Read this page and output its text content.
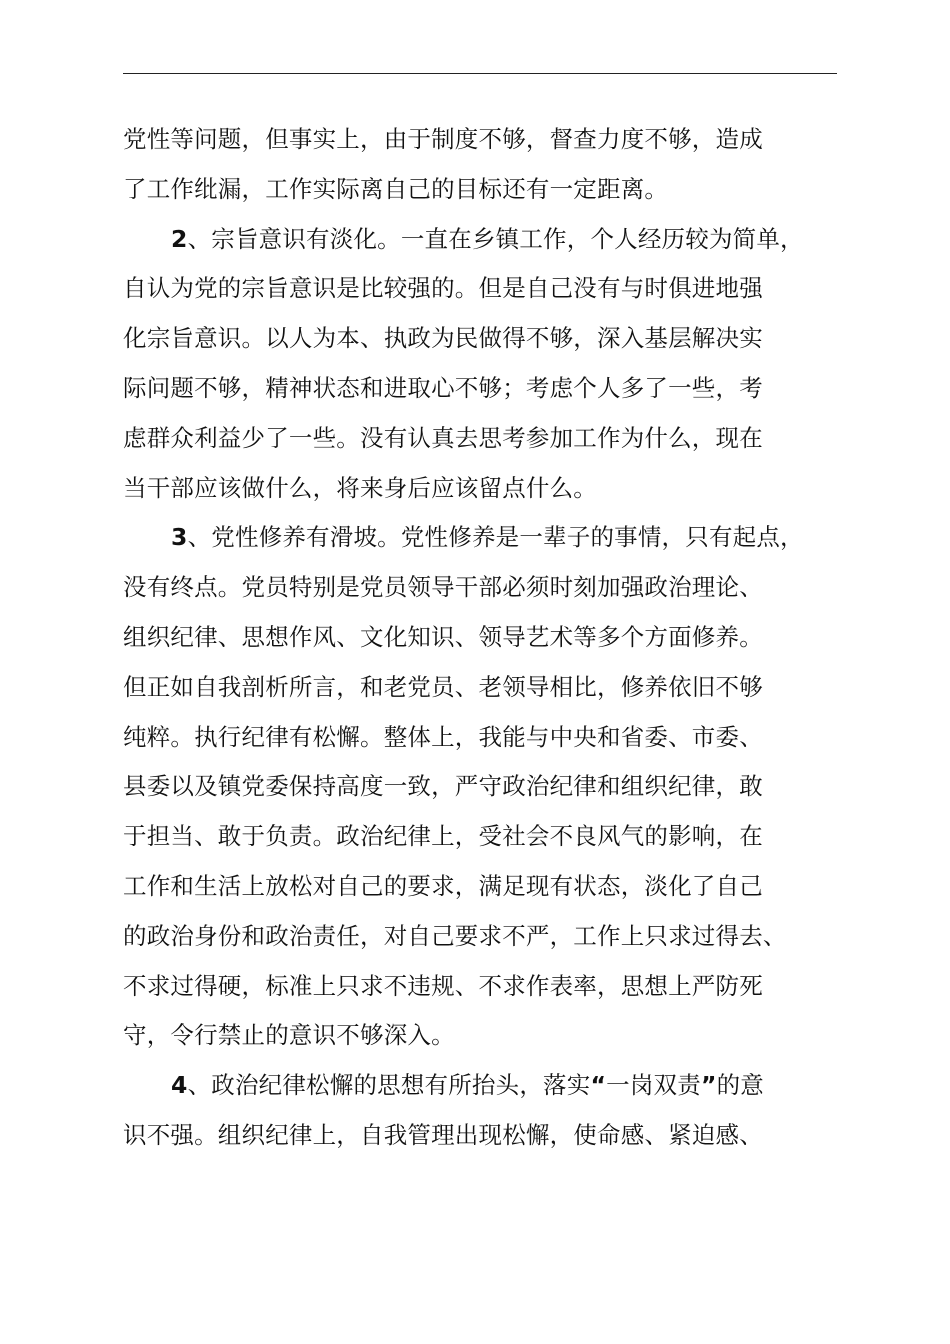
党性等问题，但事实上，由于制度不够，督查力度不够，造成
了工作纰漏，工作实际离自己的目标还有一定距离。
2、宗旨意识有淡化。一直在乡镇工作，个人经历较为简单，
自认为党的宗旨意识是比较强的。但是自己没有与时俱进地强
化宗旨意识。以人为本、执政为民做得不够，深入基层解决实
际问题不够，精神状态和进取心不够；考虑个人多了一些，考
虑群众利益少了一些。没有认真去思考参加工作为什么，现在
当干部应该做什么，将来身后应该留点什么。
3、党性修养有滑坡。党性修养是一辈子的事情，只有起点，
没有终点。党员特别是党员领导干部必须时刻加强政治理论、
组织纪律、思想作风、文化知识、领导艺术等多个方面修养。
但正如自我剖析所言，和老党员、老领导相比，修养依旧不够
纯粹。执行纪律有松懈。整体上，我能与中央和省委、市委、
县委以及镇党委保持高度一致，严守政治纪律和组织纪律，敢
于担当、敢于负责。政治纪律上，受社会不良风气的影响，在
工作和生活上放松对自己的要求，满足现有状态，淡化了自己
的政治身份和政治责任，对自己要求不严，工作上只求过得去、
不求过得硬，标准上只求不违规、不求作表率，思想上严防死
守，令行禁止的意识不够深入。
4、政治纪律松懈的思想有所抬头，落实“一岗双责”的意
识不强。组织纪律上，自我管理出现松懈，使命感、紧迫感、
